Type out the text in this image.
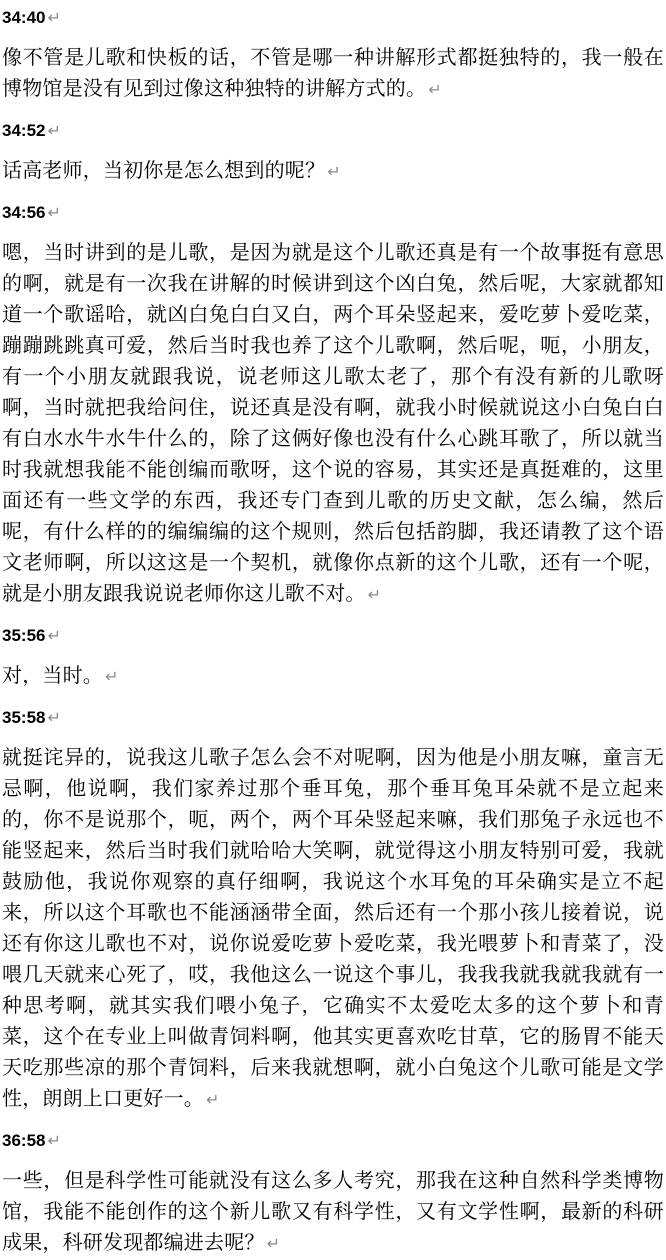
34:40 ↵

像不管是儿歌和快板的话，不管是哪一种讲解形式都挺独特的，我一般在博物馆是没有见到过像这种独特的讲解方式的。 ↵

34:52 ↵

话高老师，当初你是怎么想到的呢？ ↵

34:56 ↵

嗯，当时讲到的是儿歌，是因为就是这个儿歌还真是有一个故事挺有意思的啊，就是有一次我在讲解的时候讲到这个凶白兔，然后呢，大家就都知道一个歌谣哈，就凶白兔白白又白，两个耳朵竖起来，爱吃萝卜爱吃菜，蹦蹦跳跳真可爱，然后当时我也养了这个儿歌啊，然后呢，呃，小朋友，有一个小朋友就跟我说，说老师这儿歌太老了，那个有没有新的儿歌呀啊，当时就把我给问住，说还真是没有啊，就我小时候就说这小白兔白白有白水水牛水牛什么的，除了这俩好像也没有什么心跳耳歌了，所以就当时我就想我能不能创编而歌呀，这个说的容易，其实还是真挺难的，这里面还有一些文学的东西，我还专门查到儿歌的历史文献，怎么编，然后呢，有什么样的的编编编的这个规则，然后包括韵脚，我还请教了这个语文老师啊，所以这这是一个契机，就像你点新的这个儿歌，还有一个呢，就是小朋友跟我说说老师你这儿歌不对。 ↵

35:56 ↵

对，当时。 ↵

35:58 ↵

就挺诧异的，说我这儿歌子怎么会不对呢啊，因为他是小朋友嘛，童言无忌啊，他说啊，我们家养过那个垂耳兔，那个垂耳兔耳朵就不是立起来的，你不是说那个，呃，两个，两个耳朵竖起来嘛，我们那兔子永远也不能竖起来，然后当时我们就哈哈大笑啊，就觉得这小朋友特别可爱，我就鼓励他，我说你观察的真仔细啊，我说这个水耳兔的耳朵确实是立不起来，所以这个耳歌也不能涵涵带全面，然后还有一个那小孩儿接着说，说还有你这儿歌也不对，说你说爱吃萝卜爱吃菜，我光喂萝卜和青菜了，没喂几天就来心死了，哎，我他这么一说这个事儿，我我我就我就我就有一种思考啊，就其实我们喂小兔子，它确实不太爱吃太多的这个萝卜和青菜，这个在专业上叫做青饲料啊，他其实更喜欢吃甘草，它的肠胃不能天天吃那些凉的那个青饲料，后来我就想啊，就小白兔这个儿歌可能是文学性，朗朗上口更好一。 ↵

36:58 ↵

一些，但是科学性可能就没有这么多人考究，那我在这种自然科学类博物馆，我能不能创作的这个新儿歌又有科学性，又有文学性啊，最新的科研成果，科研发现都编进去呢？ ↵
